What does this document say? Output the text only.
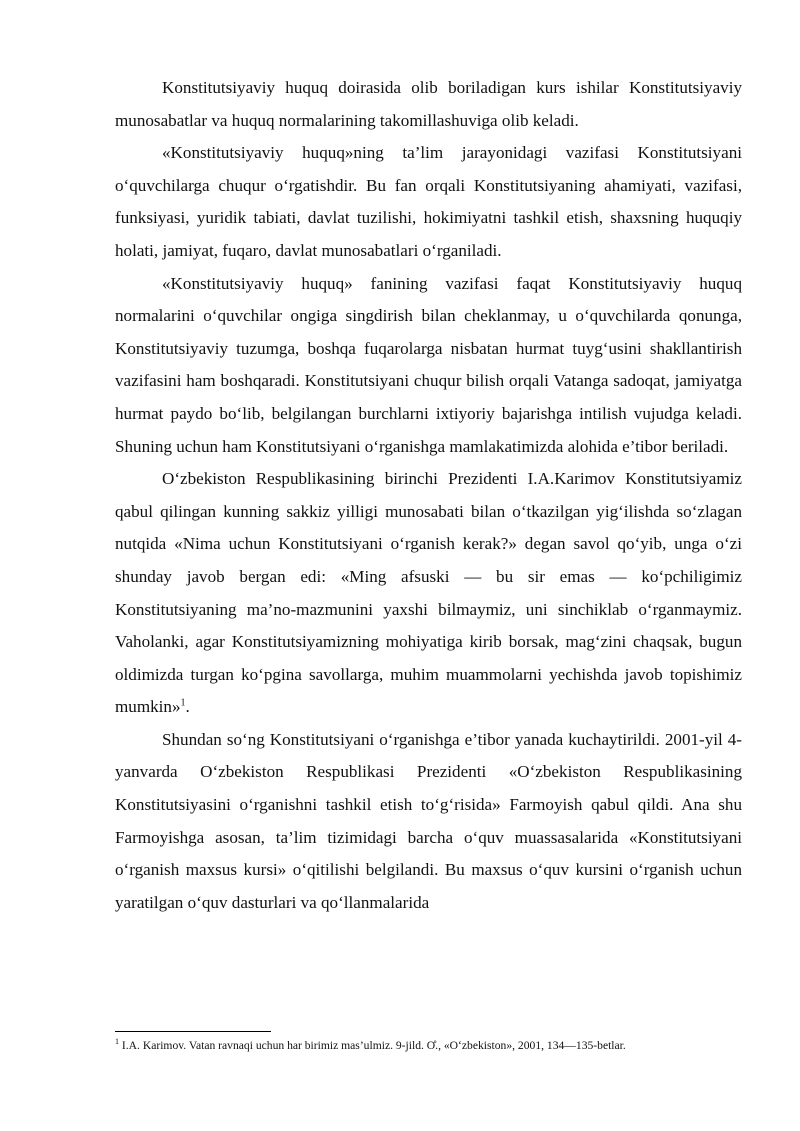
Konstitutsiyaviy huquq doirasida olib boriladigan kurs ishilar Konstitutsiyaviy munosabatlar va huquq normalarining takomillashuviga olib keladi.

«Konstitutsiyaviy huquq»ning ta’lim jarayonidagi vazifasi Konstitutsiyani o‘quvchilarga chuqur o‘rgatishdir. Bu fan orqali Konstitutsiyaning ahamiyati, vazifasi, funksiyasi, yuridik tabiati, davlat tuzilishi, hokimiyatni tashkil etish, shaxsning huquqiy holati, jamiyat, fuqaro, davlat munosabatlari o‘rganiladi.

«Konstitutsiyaviy huquq» fanining vazifasi faqat Konstitutsiyaviy huquq normalarini o‘quvchilar ongiga singdirish bilan cheklanmay, u o‘quvchilarda qonunga, Konstitutsiyaviy tuzumga, boshqa fuqarolarga nisbatan hurmat tuyg‘usini shakllantirish vazifasini ham boshqaradi. Konstitutsiyani chuqur bilish orqali Vatanga sadoqat, jamiyatga hurmat paydo bo‘lib, belgilangan burchlarni ixtiyoriy bajarishga intilish vujudga keladi. Shuning uchun ham Konstitutsiyani o‘rganishga mamlakatimizda alohida e’tibor beriladi.

O‘zbekiston Respublikasining birinchi Prezidenti I.A.Karimov Konstitutsiyamiz qabul qilingan kunning sakkiz yilligi munosabati bilan o‘tkazilgan yig‘ilishda so‘zlagan nutqida «Nima uchun Konstitutsiyani o‘rganish kerak?» degan savol qo‘yib, unga o‘zi shunday javob bergan edi: «Ming afsuski — bu sir emas — ko‘pchiligimiz Konstitutsiyaning ma’no-mazmunini yaxshi bilmaymiz, uni sinchiklab o‘rganmaymiz. Vaholanki, agar Konstitutsiyamizning mohiyatiga kirib borsak, mag‘zini chaqsak, bugun oldimizda turgan ko‘pgina savollarga, muhim muammolarni yechishda javob topishimiz mumkin»$^1$.

Shundan so‘ng Konstitutsiyani o‘rganishga e’tibor yanada kuchaytirildi. 2001-yil 4-yanvarda O‘zbekiston Respublikasi Prezidenti «O‘zbekiston Respublikasining Konstitutsiyasini o‘rganishni tashkil etish to‘g‘risida» Farmoyish qabul qildi. Ana shu Farmoyishga asosan, ta’lim tizimidagi barcha o‘quv muassasalarida «Konstitutsiyani o‘rganish maxsus kursi» o‘qitilishi belgilandi. Bu maxsus o‘quv kursini o‘rganish uchun yaratilgan o‘quv dasturlari va qo‘llanmalarida

$^1$ I.A. Karimov. Vatan ravnaqi uchun har birimiz mas’ulmiz. 9-jild. O̊., «O‘zbekiston», 2001, 134—135-betlar.
